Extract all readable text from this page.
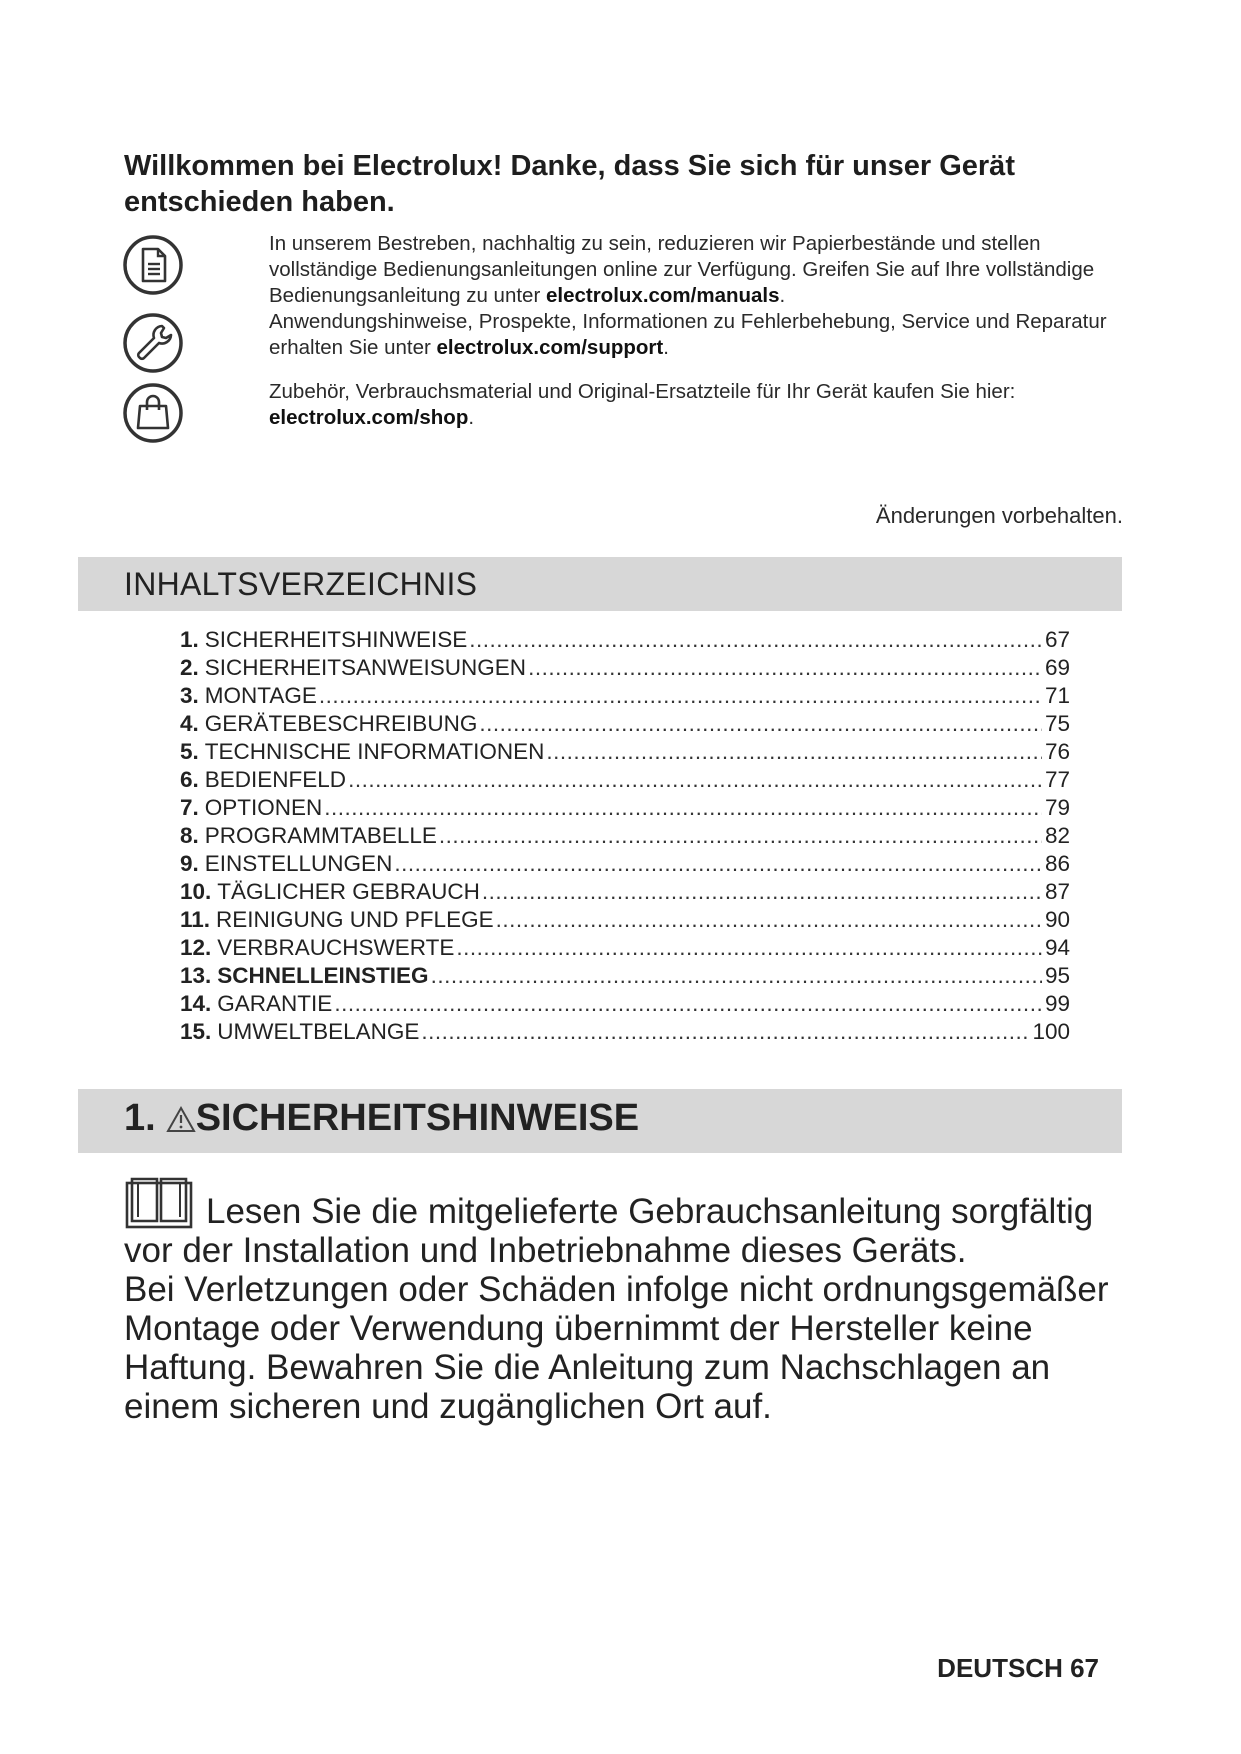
Willkommen bei Electrolux! Danke, dass Sie sich für unser Gerät entschieden haben.
In unserem Bestreben, nachhaltig zu sein, reduzieren wir Papierbestände und stellen vollständige Bedienungsanleitungen online zur Verfügung. Greifen Sie auf Ihre vollständige Bedienungsanleitung zu unter electrolux.com/manuals.
Anwendungshinweise, Prospekte, Informationen zu Fehlerbehebung, Service und Reparatur erhalten Sie unter electrolux.com/support.
Zubehör, Verbrauchsmaterial und Original-Ersatzteile für Ihr Gerät kaufen Sie hier:
electrolux.com/shop.
Änderungen vorbehalten.
INHALTSVERZEICHNIS
1. SICHERHEITSHINWEISE .....	67
2. SICHERHEITSANWEISUNGEN .....	69
3. MONTAGE .....	71
4. GERÄTEBESCHREIBUNG .....	75
5. TECHNISCHE INFORMATIONEN .....	76
6. BEDIENFELD .....	77
7. OPTIONEN .....	79
8. PROGRAMMTABELLE .....	82
9. EINSTELLUNGEN .....	86
10. TÄGLICHER GEBRAUCH .....	87
11. REINIGUNG UND PFLEGE .....	90
12. VERBRAUCHSWERTE .....	94
13. SCHNELLEINSTIEG .....	95
14. GARANTIE .....	99
15. UMWELTBELANGE .....	100
1. SICHERHEITSHINWEISE
Lesen Sie die mitgelieferte Gebrauchsanleitung sorgfältig vor der Installation und Inbetriebnahme dieses Geräts.
Bei Verletzungen oder Schäden infolge nicht ordnungsgemäßer Montage oder Verwendung übernimmt der Hersteller keine Haftung. Bewahren Sie die Anleitung zum Nachschlagen an einem sicheren und zugänglichen Ort auf.
DEUTSCH 67
